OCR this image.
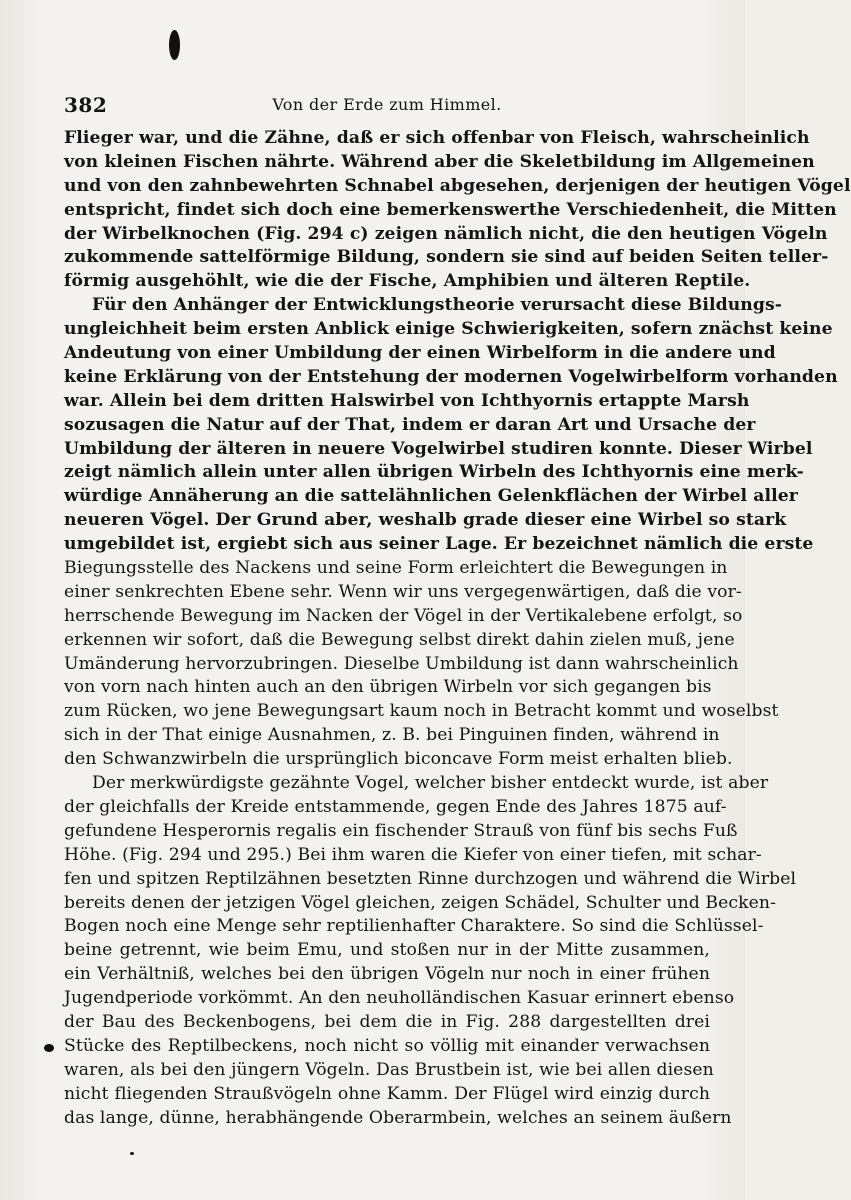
382	Von der Erde zum Himmel.
Flieger war, und die Zähne, daß er sich offenbar von Fleisch, wahrscheinlich
von kleinen Fischen nährte. Während aber die Skeletbildung im Allgemeinen
und von den zahnbewehrten Schnabel abgesehen, derjenigen der heutigen Vögel
entspricht, findet sich doch eine bemerkenswerthe Verschiedenheit, die Mitten
der Wirbelknochen (Fig. 294 c) zeigen nämlich nicht, die den heutigen Vögeln
zukommende sattelförmige Bildung, sondern sie sind auf beiden Seiten teller-
förmig ausgehöhlt, wie die der Fische, Amphibien und älteren Reptile.
Für den Anhänger der Entwicklungstheorie verursacht diese Bildungs-
ungleichheit beim ersten Anblick einige Schwierigkeiten, sofern znächst keine
Andeutung von einer Umbildung der einen Wirbelform in die andere und
keine Erklärung von der Entstehung der modernen Vogelwirbelform vorhanden
war. Allein bei dem dritten Halswirbel von Ichthyornis ertappte Marsh
sozusagen die Natur auf der That, indem er daran Art und Ursache der
Umbildung der älteren in neuere Vogelwirbel studiren konnte. Dieser Wirbel
zeigt nämlich allein unter allen übrigen Wirbeln des Ichthyornis eine merk-
würdige Annäherung an die sattelähnlichen Gelenkflächen der Wirbel aller
neueren Vögel. Der Grund aber, weshalb grade dieser eine Wirbel so stark
umgebildet ist, ergiebt sich aus seiner Lage. Er bezeichnet nämlich die erste
Biegungsstelle des Nackens und seine Form erleichtert die Bewegungen in
einer senkrechten Ebene sehr. Wenn wir uns vergegenwärtigen, daß die vor-
herrschende Bewegung im Nacken der Vögel in der Vertikalebene erfolgt, so
erkennen wir sofort, daß die Bewegung selbst direkt dahin zielen muß, jene
Umänderung hervorzubringen. Dieselbe Umbildung ist dann wahrscheinlich
von vorn nach hinten auch an den übrigen Wirbeln vor sich gegangen bis
zum Rücken, wo jene Bewegungsart kaum noch in Betracht kommt und woselbst
sich in der That einige Ausnahmen, z. B. bei Pinguinen finden, während in
den Schwanzwirbeln die ursprünglich biconcave Form meist erhalten blieb.
Der merkwürdigste gezähnte Vogel, welcher bisher entdeckt wurde, ist aber
der gleichfalls der Kreide entstammende, gegen Ende des Jahres 1875 auf-
gefundene Hesperornis regalis ein fischender Strauß von fünf bis sechs Fuß
Höhe. (Fig. 294 und 295.) Bei ihm waren die Kiefer von einer tiefen, mit schar-
fen und spitzen Reptilzähnen besetzten Rinne durchzogen und während die Wirbel
bereits denen der jetzigen Vögel gleichen, zeigen Schädel, Schulter und Becken-
Bogen noch eine Menge sehr reptilienhafter Charaktere. So sind die Schlüssel-
beine getrennt, wie beim Emu, und stoßen nur in der Mitte zusammen,
ein Verhältniß, welches bei den übrigen Vögeln nur noch in einer frühen
Jugendperiode vorkömmt. An den neuholländischen Kasuar erinnert ebenso
der Bau des Beckenbogens, bei dem die in Fig. 288 dargestellten drei
Stücke des Reptilbeckens, noch nicht so völlig mit einander verwachsen
waren, als bei den jüngern Vögeln. Das Brustbein ist, wie bei allen diesen
nicht fliegenden Straußvögeln ohne Kamm. Der Flügel wird einzig durch
das lange, dünne, herabhängende Oberarmbein, welches an seinem äußern
